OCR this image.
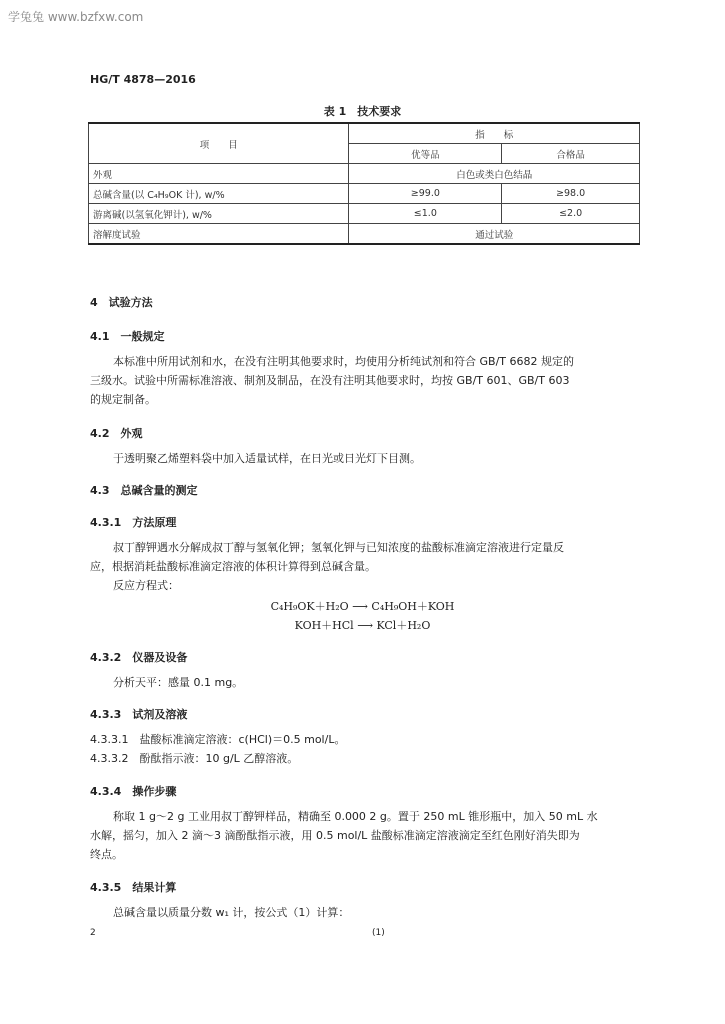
学兔兔 www.bzfxw.com
HG/T 4878—2016
表 1　技术要求
项　　目	指　　标	
	优等品	合格品
外观	白色或类白色结晶	
总碱含量(以 C₄H₉OK 计), w/%	≥99.0	≥98.0
游离碱(以氢氧化钾计), w/%	≤1.0	≤2.0
溶解度试验	通过试验	
4　试验方法
4.1　一般规定
本标准中所用试剂和水，在没有注明其他要求时，均使用分析纯试剂和符合 GB/T 6682 规定的
三级水。试验中所需标准溶液、制剂及制品，在没有注明其他要求时，均按 GB/T 601、GB/T 603
的规定制备。
4.2　外观
于透明聚乙烯塑料袋中加入适量试样，在日光或日光灯下目测。
4.3　总碱含量的测定
4.3.1　方法原理
叔丁醇钾遇水分解成叔丁醇与氢氧化钾；氢氧化钾与已知浓度的盐酸标准滴定溶液进行定量反
应，根据消耗盐酸标准滴定溶液的体积计算得到总碱含量。
反应方程式：
C₄H₉OK＋H₂O ⟶ C₄H₉OH＋KOH
KOH＋HCl ⟶ KCl＋H₂O
4.3.2　仪器及设备
分析天平：感量 0.1 mg。
4.3.3　试剂及溶液
4.3.3.1　盐酸标准滴定溶液：c(HCl)＝0.5 mol/L。
4.3.3.2　酚酞指示液：10 g/L 乙醇溶液。
4.3.4　操作步骤
称取 1 g～2 g 工业用叔丁醇钾样品，精确至 0.000 2 g。置于 250 mL 锥形瓶中，加入 50 mL 水
水解，摇匀，加入 2 滴～3 滴酚酞指示液，用 0.5 mol/L 盐酸标准滴定溶液滴定至红色刚好消失即为
终点。
4.3.5　结果计算
总碱含量以质量分数 w₁ 计，按公式（1）计算：
2	(1)
